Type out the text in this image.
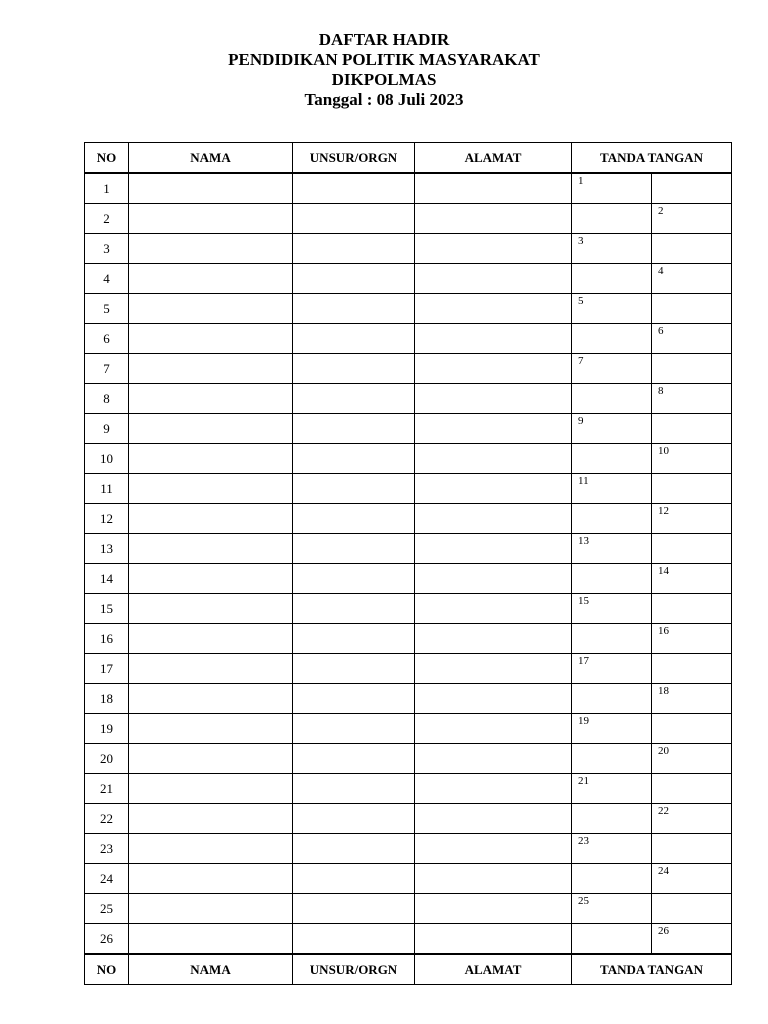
DAFTAR HADIR
PENDIDIKAN POLITIK MASYARAKAT
DIKPOLMAS
Tanggal : 08 Juli 2023
NO	NAMA	UNSUR/ORGN	ALAMAT	TANDA TANGAN	
1				1	

2					2

3				3	

4					4

5				5	

6					6

7				7	

8					8

9				9	

10					10

11				11	

12					12

13				13	

14					14

15				15	

16					16

17				17	

18					18

19				19	

20					20

21				21	

22					22

23				23	

24					24

25				25	

26					26

NO	NAMA	UNSUR/ORGN	ALAMAT	TANDA TANGAN	
